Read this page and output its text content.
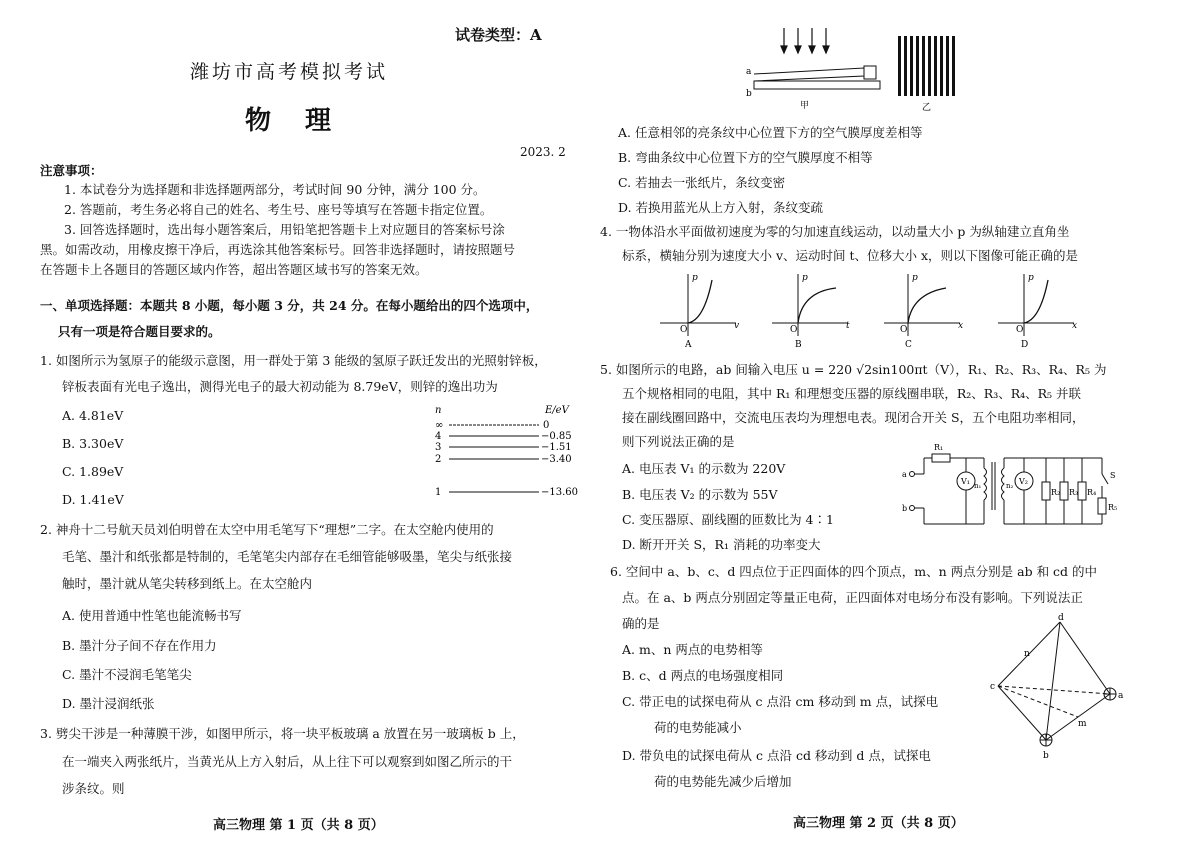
试卷类型：A
潍坊市高考模拟考试
物　理
2023. 2
注意事项：
1. 本试卷分为选择题和非选择题两部分，考试时间 90 分钟，满分 100 分。
2. 答题前，考生务必将自己的姓名、考生号、座号等填写在答题卡指定位置。
3. 回答选择题时，选出每小题答案后，用铅笔把答题卡上对应题目的答案标号涂
黑。如需改动，用橡皮擦干净后，再选涂其他答案标号。回答非选择题时，请按照题号
在答题卡上各题目的答题区域内作答，超出答题区域书写的答案无效。
一、单项选择题：本题共 8 小题，每小题 3 分，共 24 分。在每小题给出的四个选项中，
只有一项是符合题目要求的。
1. 如图所示为氢原子的能级示意图，用一群处于第 3 能级的氢原子跃迁发出的光照射锌板，
锌板表面有光电子逸出，测得光电子的最大初动能为 8.79eV，则锌的逸出功为
A. 4.81eV
B. 3.30eV
C. 1.89eV
D. 1.41eV
n	E/eV
∞	0
4	−0.85
3	−1.51
2	−3.40
1	−13.60
2. 神舟十二号航天员刘伯明曾在太空中用毛笔写下“理想”二字。在太空舱内使用的
毛笔、墨汁和纸张都是特制的，毛笔笔尖内部存在毛细管能够吸墨，笔尖与纸张接
触时，墨汁就从笔尖转移到纸上。在太空舱内
A. 使用普通中性笔也能流畅书写
B. 墨汁分子间不存在作用力
C. 墨汁不浸润毛笔笔尖
D. 墨汁浸润纸张
3. 劈尖干涉是一种薄膜干涉，如图甲所示，将一块平板玻璃 a 放置在另一玻璃板 b 上，
在一端夹入两张纸片，当黄光从上方入射后，从上往下可以观察到如图乙所示的干
涉条纹。则
高三物理 第 1 页（共 8 页）
a
b
甲	乙
A. 任意相邻的亮条纹中心位置下方的空气膜厚度差相等
B. 弯曲条纹中心位置下方的空气膜厚度不相等
C. 若抽去一张纸片，条纹变密
D. 若换用蓝光从上方入射，条纹变疏
4. 一物体沿水平面做初速度为零的匀加速直线运动，以动量大小 p 为纵轴建立直角坐
标系，横轴分别为速度大小 v、运动时间 t、位移大小 x，则以下图像可能正确的是
p
O	v
A
p
O	t
B
p
O	x
C
p
O	x
D
5. 如图所示的电路，ab 间输入电压 u = 220 √2sin100πt（V），R₁、R₂、R₃、R₄、R₅ 为
五个规格相同的电阻，其中 R₁ 和理想变压器的原线圈串联，R₂、R₃、R₄、R₅ 并联
接在副线圈回路中，交流电压表均为理想电表。现闭合开关 S，五个电阻功率相同，
则下列说法正确的是
A. 电压表 V₁ 的示数为 220V
B. 电压表 V₂ 的示数为 55V
C. 变压器原、副线圈的匝数比为 4∶1
D. 断开开关 S，R₁ 消耗的功率变大
R₁
V₁ n₁	n₂ V₂
R₂ R₃ R₄
R₅
S
a
b
6. 空间中 a、b、c、d 四点位于正四面体的四个顶点，m、n 两点分别是 ab 和 cd 的中
点。在 a、b 两点分别固定等量正电荷，正四面体对电场分布没有影响。下列说法正
确的是
A. m、n 两点的电势相等
B. c、d 两点的电场强度相同
C. 带正电的试探电荷从 c 点沿 cm 移动到 m 点，试探电
荷的电势能减小
D. 带负电的试探电荷从 c 点沿 cd 移动到 d 点，试探电
荷的电势能先减少后增加
d
c
a
b
n
m
高三物理 第 2 页（共 8 页）
